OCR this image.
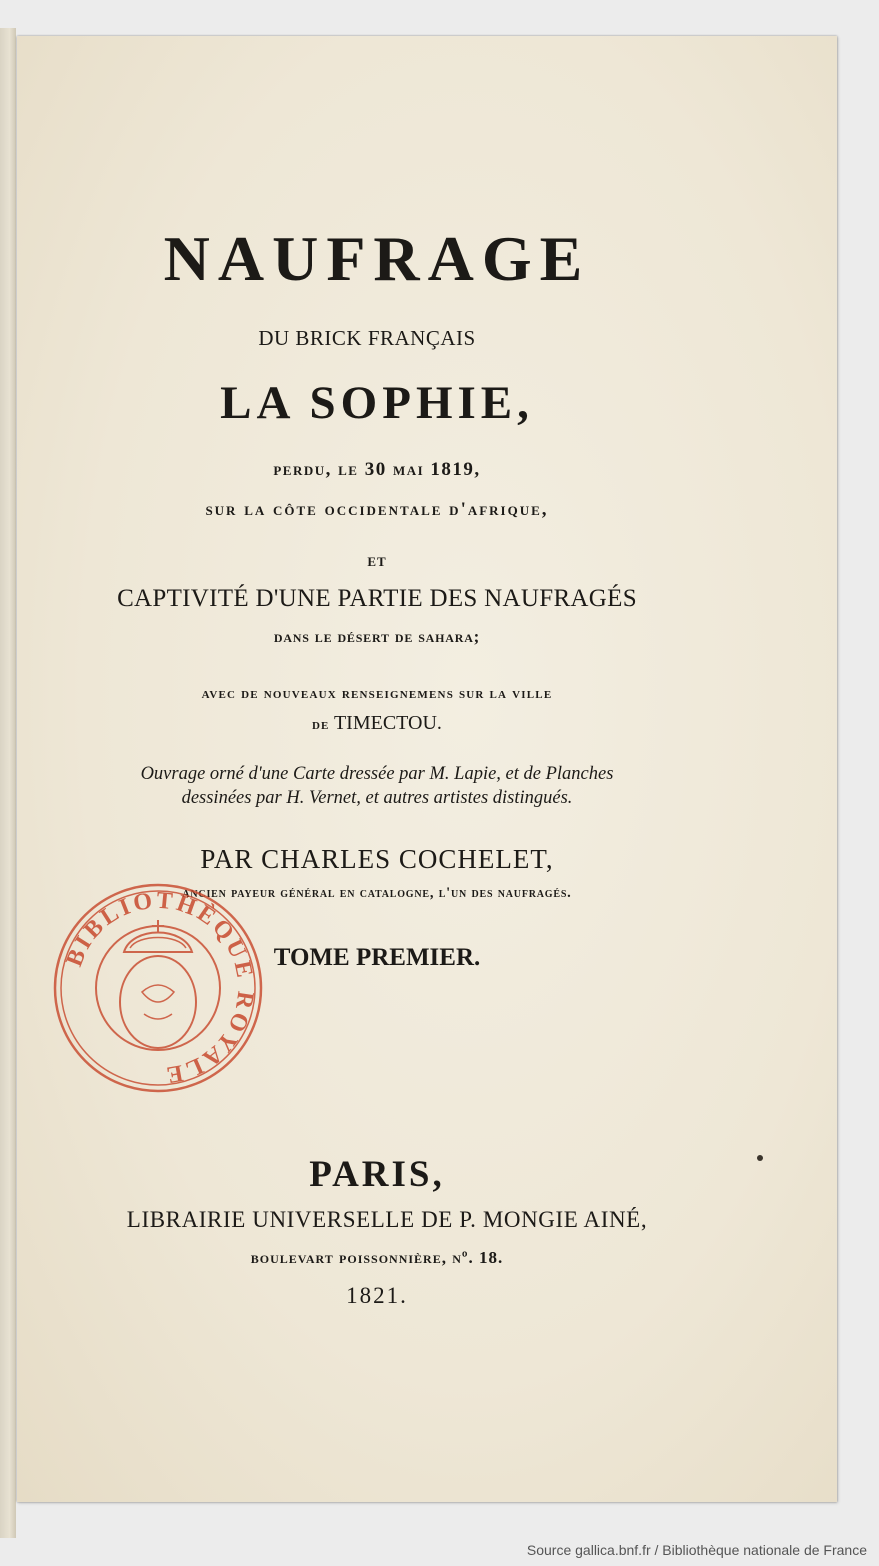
NAUFRAGE

DU BRICK FRANÇAIS

LA SOPHIE,

perdu, le 30 mai 1819,

sur la côte occidentale d'afrique,

ET

CAPTIVITÉ D'UNE PARTIE DES NAUFRAGÉS

dans le désert de sahara;

avec de nouveaux renseignemens sur la ville

de TIMECTOU.

Ouvrage orné d'une Carte dressée par M. Lapie, et de Planches

dessinées par H. Vernet, et autres artistes distingués.

PAR CHARLES COCHELET,

ancien payeur général en catalogne, l'un des naufragés.

TOME PREMIER.

PARIS,

LIBRAIRIE UNIVERSELLE DE P. MONGIE AINÉ,

boulevart poissonnière, nº. 18.

1821.

BIBLIOTHÈQUE ROYALE
Source gallica.bnf.fr / Bibliothèque nationale de France
